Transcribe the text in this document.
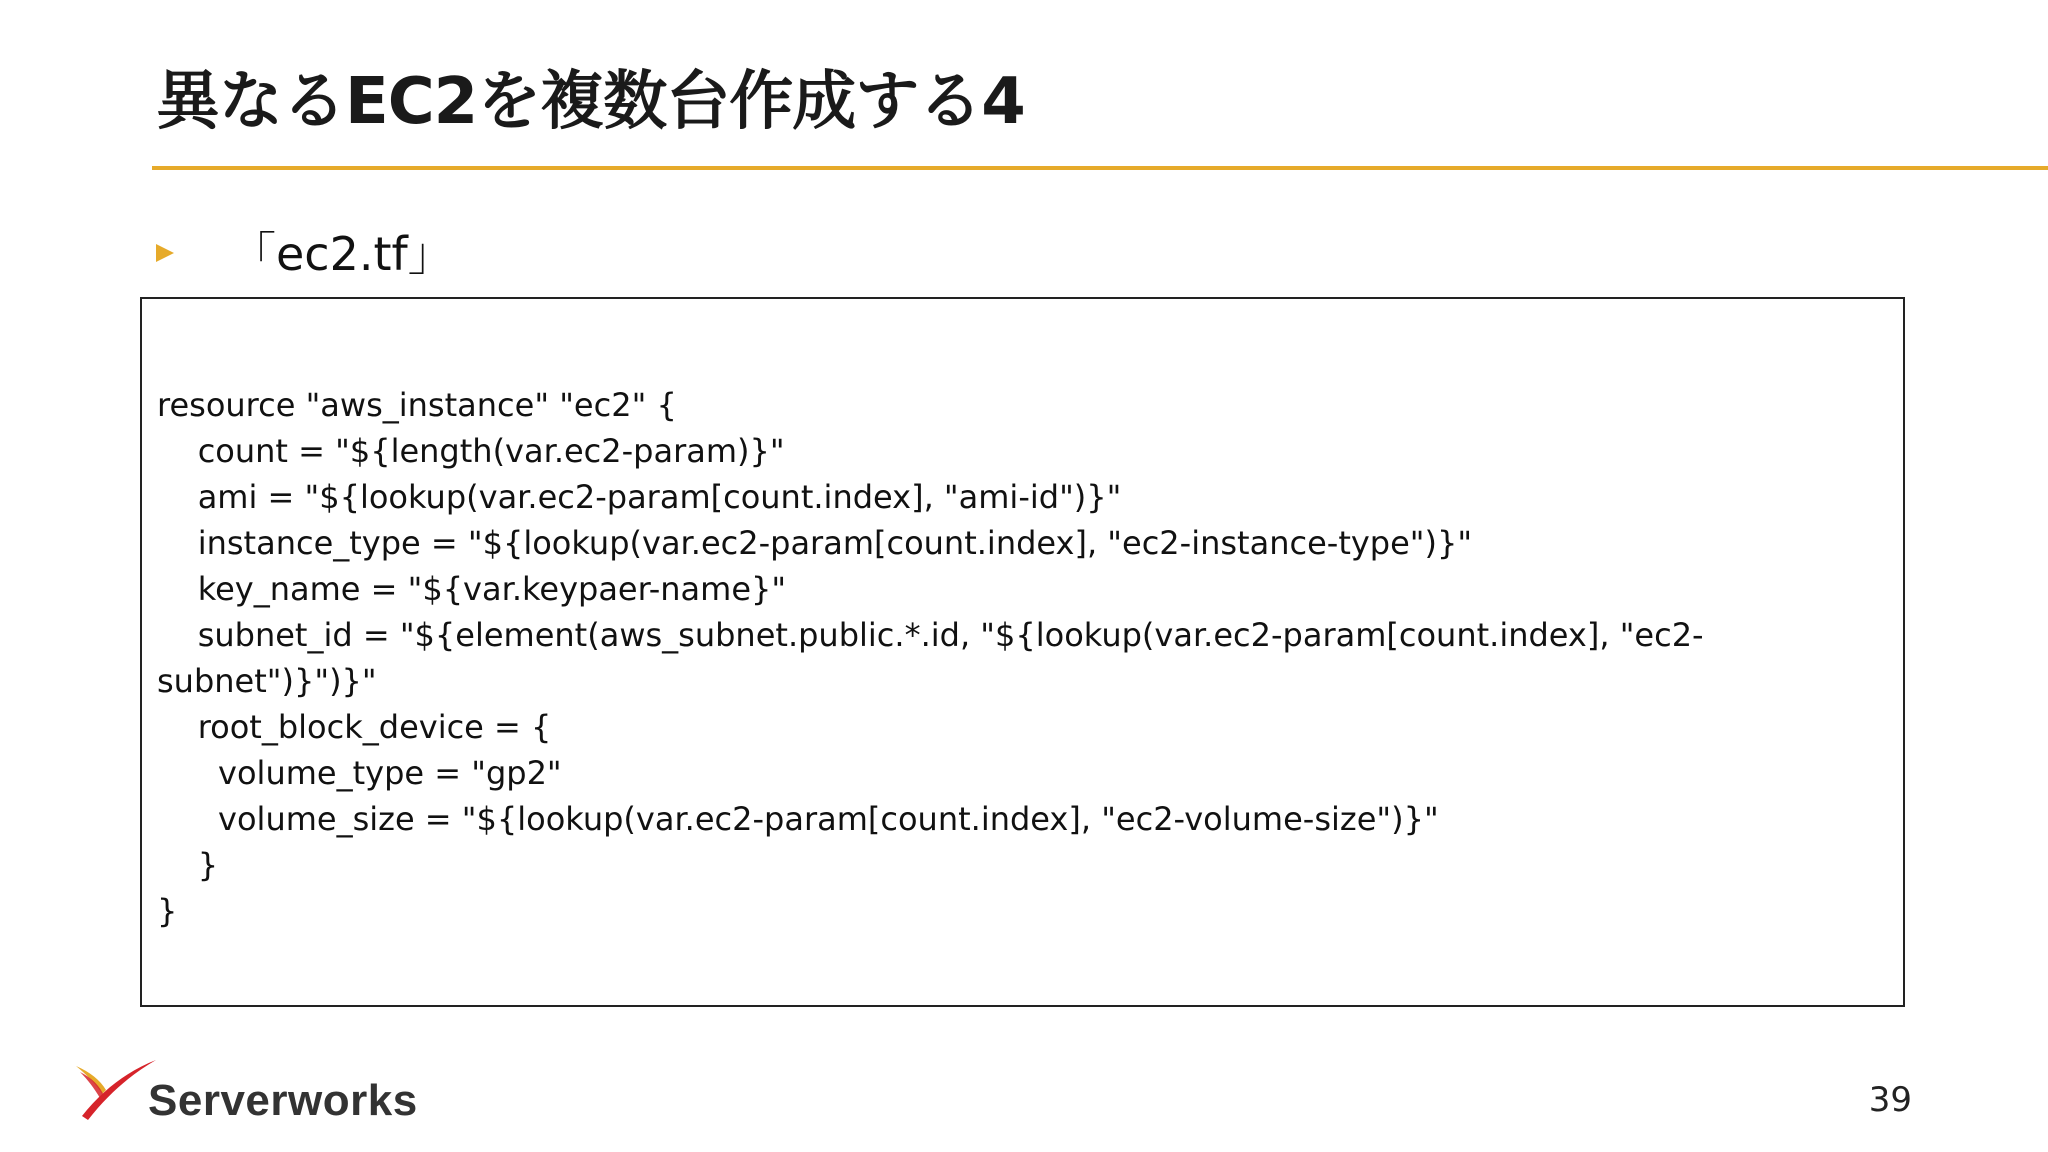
異なるEC2を複数台作成する4
「ec2.tf」
resource "aws_instance" "ec2" {
count = "${length(var.ec2-param)}"
ami = "${lookup(var.ec2-param[count.index], "ami-id")}"
instance_type = "${lookup(var.ec2-param[count.index], "ec2-instance-type")}"
key_name = "${var.keypaer-name}"
subnet_id = "${element(aws_subnet.public.*.id, "${lookup(var.ec2-param[count.index], "ec2-
subnet")}")}"
root_block_device = {
volume_type = "gp2"
volume_size = "${lookup(var.ec2-param[count.index], "ec2-volume-size")}"
}
}
Serverworks	39
